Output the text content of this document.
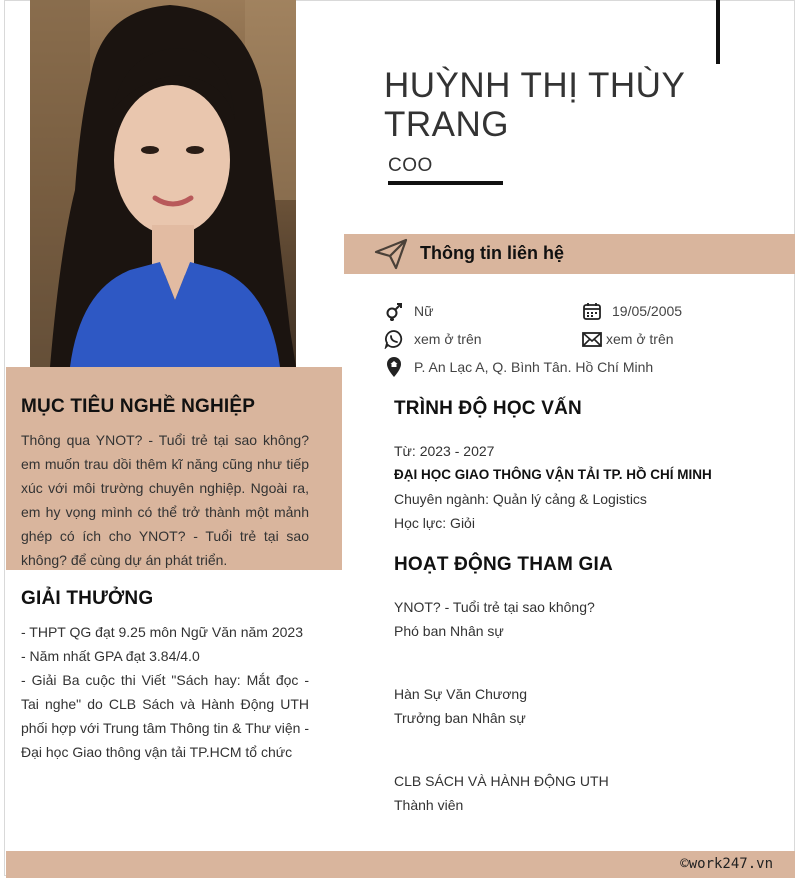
MỤC TIÊU NGHỀ NGHIỆP
Thông qua YNOT? - Tuổi trẻ tại sao không? em muốn trau dồi thêm kĩ năng cũng như tiếp xúc với môi trường chuyên nghiệp. Ngoài ra, em hy vọng mình có thể trở thành một mảnh ghép có ích cho YNOT? - Tuổi trẻ tại sao không? để cùng dự án phát triển.
GIẢI THƯỞNG
- THPT QG đạt 9.25 môn Ngữ Văn năm 2023
- Năm nhất GPA đạt 3.84/4.0
- Giải Ba cuộc thi Viết "Sách hay: Mắt đọc - Tai nghe" do CLB Sách và Hành Động UTH phối hợp với Trung tâm Thông tin & Thư viện - Đại học Giao thông vận tải TP.HCM tổ chức
HUỲNH THỊ THÙY TRANG
COO
Thông tin liên hệ
Nữ	19/05/2005
xem ở trên	xem ở trên
P. An Lạc A, Q. Bình Tân. Hồ Chí Minh
TRÌNH ĐỘ HỌC VẤN
Từ: 2023 - 2027
ĐẠI HỌC GIAO THÔNG VẬN TẢI TP. HỒ CHÍ MINH
Chuyên ngành: Quản lý cảng & Logistics
Học lực: Giỏi
HOẠT ĐỘNG THAM GIA
YNOT? - Tuổi trẻ tại sao không?
Phó ban Nhân sự
Hàn Sự Văn Chương
Trưởng ban Nhân sự
CLB SÁCH VÀ HÀNH ĐỘNG UTH
Thành viên
©work247.vn
